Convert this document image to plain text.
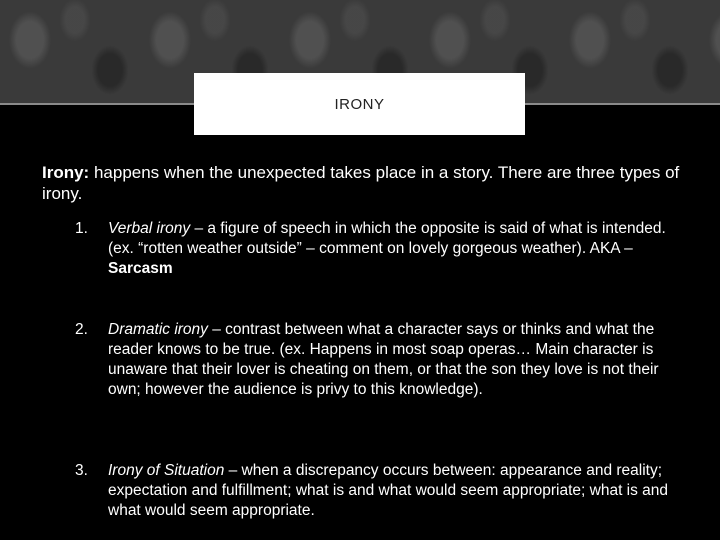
IRONY
Irony: happens when the unexpected takes place in a story. There are three types of irony.
1.	Verbal irony – a figure of speech in which the opposite is said of what is intended. (ex. “rotten weather outside” – comment on lovely gorgeous weather). AKA – Sarcasm
2.	Dramatic irony – contrast between what a character says or thinks and what the reader knows to be true. (ex. Happens in most soap operas… Main character is unaware that their lover is cheating on them, or that the son they love is not their own; however the audience is privy to this knowledge).
3.	Irony of Situation – when a discrepancy occurs between: appearance and reality; expectation and fulfillment; what is and what would seem appropriate; what is and what would seem appropriate.
